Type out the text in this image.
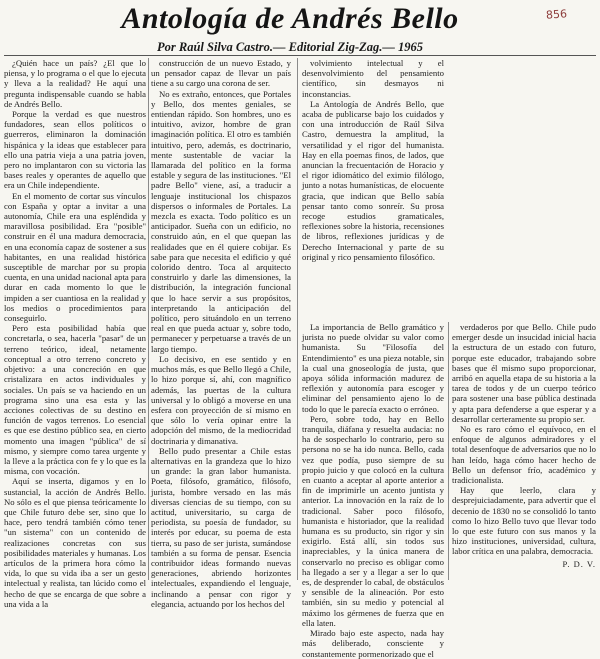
Antología de Andrés Bello	856
Por Raúl Silva Castro.— Editorial Zig-Zag.— 1965

¿Quién hace un país? ¿El que lo piensa, y lo programa o el que lo ejecuta y lleva a la realidad? He aquí una pregunta indispensable cuando se habla de Andrés Bello.

Porque la verdad es que nuestros fundadores, sean ellos políticos o guerreros, eliminaron la dominación hispánica y la ideas que establecer para ello una patria vieja a una patria joven, pero no implantaron con su victoria las bases reales y operantes de aquello que era un Chile independiente.

En el momento de cortar sus vínculos con España y optar a invitar a una autonomía, Chile era una espléndida y maravillosa posibilidad. Era "posible" construir en él una madura democracia, en una economía capaz de sostener a sus habitantes, en una realidad histórica susceptible de marchar por su propia cuenta, en una unidad nacional apta para durar en cada momento lo que le impiden a ser cuantiosa en la realidad y los medios o procedimientos para conseguirlo.

Pero esta posibilidad había que concretarla, o sea, hacerla "pasar" de un terreno teórico, ideal, netamente conceptual a otro terreno concreto y objetivo: a una concreción en que cristalizara en actos individuales y sociales. Un país se va haciendo en un programa sino una esa esta y las acciones colectivas de su destino en función de vagos terrenos. Lo esencial es que ese destino público sea, en cierto momento una imagen "pública" de sí mismo, y siempre como tarea urgente y la lleve a la práctica con fe y lo que es la misma, con vocación.

Aquí se inserta, digamos y en lo sustancial, la acción de Andrés Bello. No sólo es el que piensa teóricamente lo que Chile futuro debe ser, sino que lo hace, pero tendrá también cómo tener "un sistema" con un contenido de realizaciones concretas con sus posibilidades materiales y humanas. Los artículos de la primera hora cómo la vida, lo que su vida iba a ser un gesto intelectual y realista, tan lúcido como el hecho de que se encarga de que sobre a una vida a la

construcción de un nuevo Estado, y un pensador capaz de llevar un país tiene a su cargo una corona de ser.

No es extraño, entonces, que Portales y Bello, dos mentes geniales, se entiendan rápido. Son hombres, uno es intuitivo, avizor, hombre de gran imaginación política. El otro es también intuitivo, pero, además, es doctrinario, mente sustentable de vaciar la llamarada del político en la forma estable y segura de las instituciones. "El padre Bello" viene, así, a traducir a lenguaje institucional los chispazos dispersos o informales de Portales. La mezcla es exacta. Todo político es un anticipador. Sueña con un edificio, no construido aún, en el que quepan las realidades que en él quiere cobijar. Es sabe para que necesita el edificio y qué colorido dentro. Toca al arquitecto construirlo y darle las dimensiones, la distribución, la integración funcional que lo hace servir a sus propósitos, interpretando la anticipación del político, pero situándolo en un terreno real en que pueda actuar y, sobre todo, permanecer y perpetuarse a través de un largo tiempo.

Lo decisivo, en ese sentido y en muchos más, es que Bello llegó a Chile, lo hizo porque sí, ahí, con magnífico además, las puertas de la cultura universal y lo obligó a moverse en una esfera con proyección de sí mismo en que sólo lo vería opinar entre la adopción del mismo, de la mediocridad doctrinaria y dimanativa.

Bello pudo presentar a Chile estas alternativas en la grandeza que lo hizo un grande: la gran labor humanista. Poeta, filósofo, gramático, filósofo, jurista, hombre versado en las más diversas ciencias de su tiempo, con su actitud, universitario, su carga de periodista, su poesía de fundador, su interés por educar, su poema de esta tierra, su paso de ser jurista, sumándose también a su forma de pensar. Esencia contribuidor ideas formando nuevas generaciones, abriendo horizontes intelectuales, expandiendo el lenguaje, inclinando a pensar con rigor y elegancia, actuando por los hechos del

volvimiento intelectual y el desenvolvimiento del pensamiento científico, sin desmayos ni inconstancias.

La Antología de Andrés Bello, que acaba de publicarse bajo los cuidados y con una introducción de Raúl Silva Castro, demuestra la amplitud, la versatilidad y el rigor del humanista. Hay en ella poemas finos, de lados, que anuncian la frecuentación de Horacio y el rigor idiomático del eximio filólogo, junto a notas humanísticas, de elocuente gracia, que indican que Bello sabía pensar tanto como sonreír. Su prosa recoge estudios gramaticales, reflexiones sobre la historia, recensiones de libros, reflexiones jurídicas y de Derecho Internacional y parte de su original y rico pensamiento filosófico.

La importancia de Bello gramático y jurista no puede olvidar su valor como humanista. Su "Filosofía del Entendimiento" es una pieza notable, sin la cual una gnoseología de justa, que apoya sólida información madurez de reflexión y autonomía para escoger y eliminar del pensamiento ajeno lo de todo lo que le parecía exacto o erróneo.

Pero, sobre todo, hay en Bello tranquila, diáfana y resuelta audacia: no ha de sospecharlo lo contrario, pero su persona no se ha ido nunca. Bello, cada vez que podía, puso siempre de su propio juicio y que colocó en la cultura en cuanto a aceptar al aporte anterior a fin de imprimirle un acento juntista y anterior. La innovación en la raíz de lo tradicional. Saber poco filósofo, humanista e historiador, que la realidad humana es su producto, sin rigor y sin exigirlo. Está allí, sin todos sus inapreciables, y la única manera de conservarlo no preciso es obligar como ha llegado a ser y a llegar a ser lo que es, de desprender lo cabal, de obstáculos y sensible de la alineación. Por esto también, sin su medio y potencial al máximo los gérmenes de fuerza que en ella laten.

Mirado bajo este aspecto, nada hay más deliberado, consciente y constantemente pormenorizado que el

verdaderos por que Bello. Chile pudo emerger desde un insucidad inicial hacia la estructura de un estado con futuro, porque este educador, trabajando sobre bases que él mismo supo proporcionar, arribó en aquella etapa de su historia a la tarea de todos y de un cuerpo teórico para sostener una base pública destinada y apta para defenderse a que esperar y a desarrollar certeramente su propio ser.

No es raro cómo el equívoco, en el enfoque de algunos admiradores y el total desenfoque de adversarios que no lo han leído, haga cómo hacer hecho de Bello un defensor frío, académico y tradicionalista.

Hay que leerlo, clara y desprejuiciadamente, para advertir que el decenio de 1830 no se consolidó lo tanto como lo hizo Bello tuvo que llevar todo lo que este futuro con sus manos y la hizo instituciones, universidad, cultura, labor crítica en una palabra, democracia.

P. D. V.
